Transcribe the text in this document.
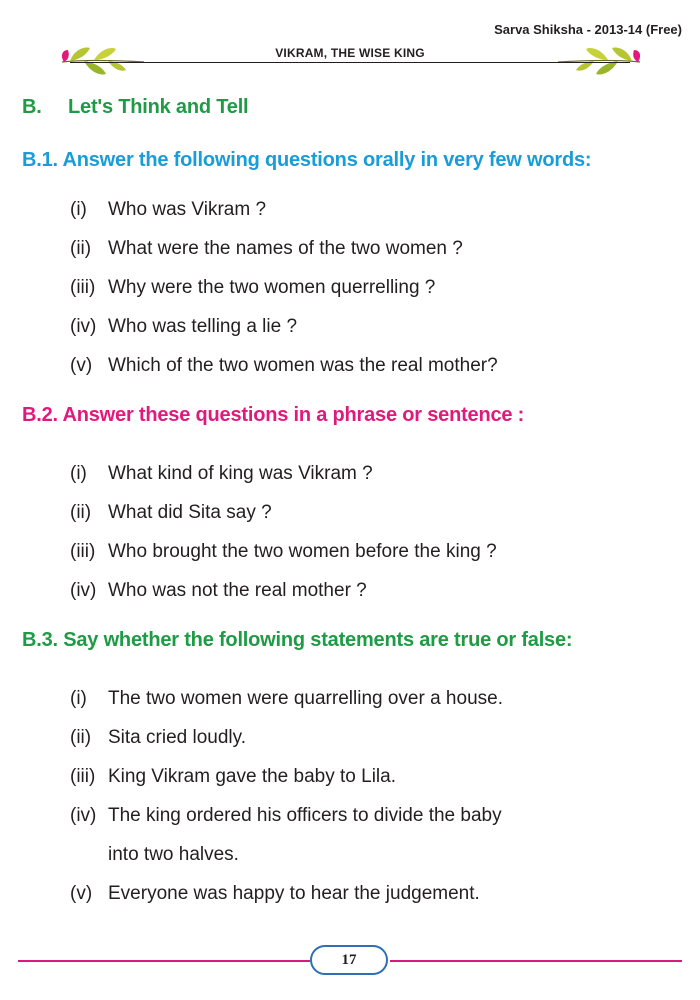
Sarva Shiksha - 2013-14 (Free)
VIKRAM, THE WISE KING
B. Let's Think and Tell
B.1. Answer the following questions orally in very few words:
(i) Who was Vikram ?
(ii) What were the names of the two women ?
(iii) Why were the two women querrelling ?
(iv) Who was telling a lie ?
(v) Which of the two women was the real mother?
B.2. Answer these questions in a phrase or sentence :
(i) What kind of king was Vikram ?
(ii) What did Sita say ?
(iii) Who brought the two women before the king ?
(iv) Who was not the real mother ?
B.3. Say whether the following statements are true or false:
(i) The two women were quarrelling over a house.
(ii) Sita cried loudly.
(iii) King Vikram gave the baby to Lila.
(iv) The king ordered his officers to divide the baby
into two halves.
(v) Everyone was happy to hear the judgement.
17
